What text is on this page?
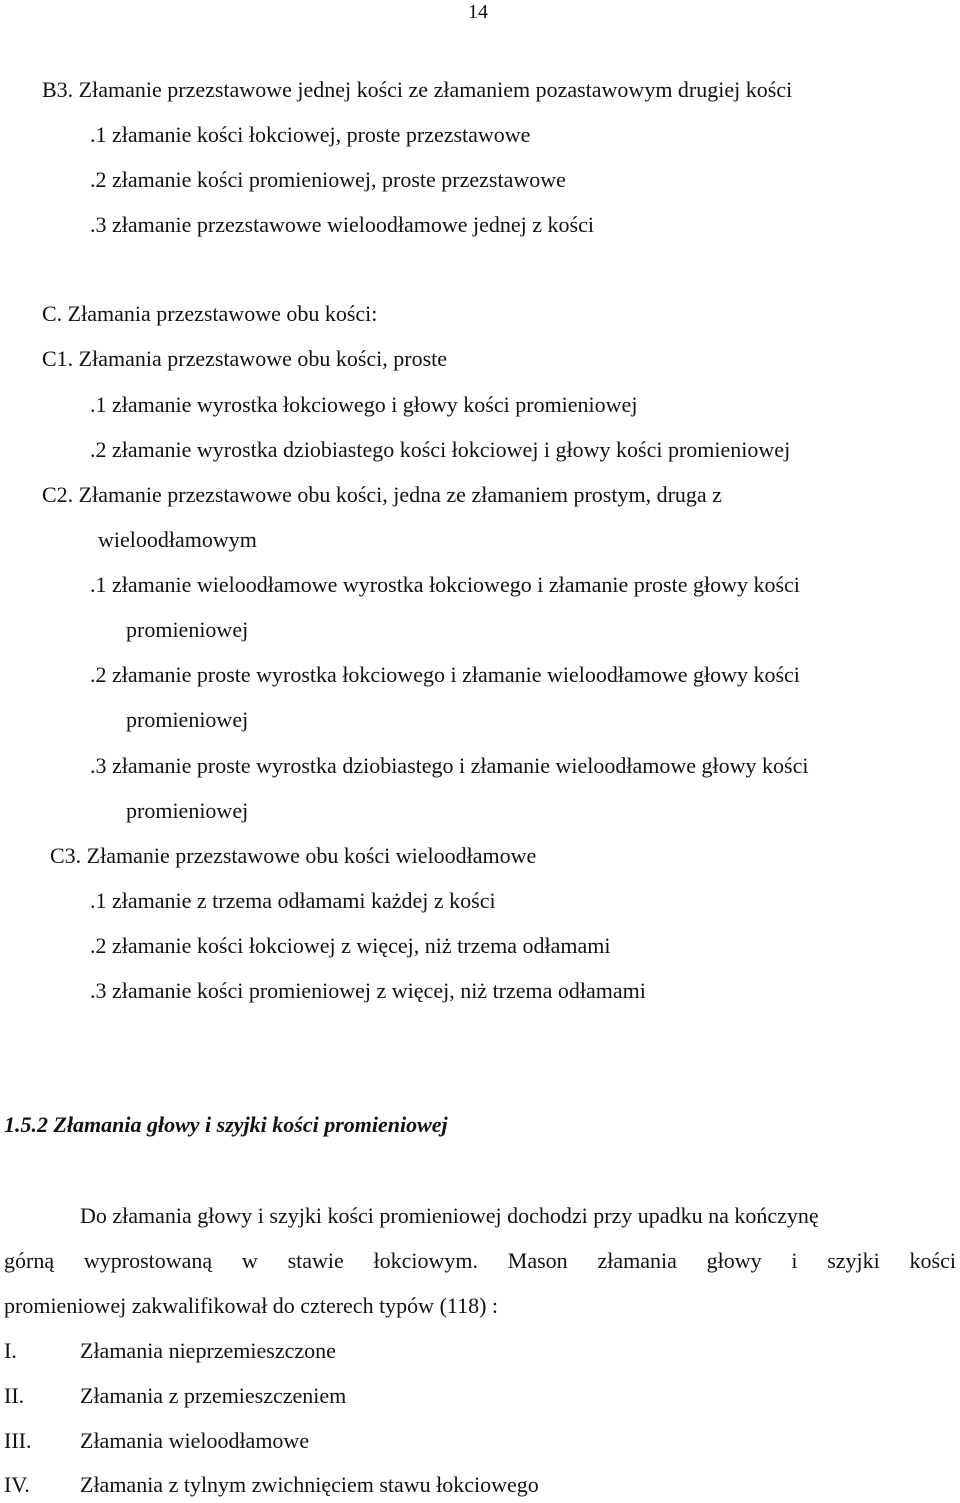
14
B3. Złamanie przezstawowe jednej kości ze złamaniem pozastawowym drugiej kości
.1 złamanie kości łokciowej, proste przezstawowe
.2 złamanie kości promieniowej, proste przezstawowe
.3 złamanie przezstawowe wieloodłamowe jednej z kości
C. Złamania przezstawowe obu kości:
C1. Złamania przezstawowe obu kości, proste
.1 złamanie wyrostka łokciowego i głowy kości promieniowej
.2 złamanie wyrostka dziobiastego kości łokciowej i głowy kości promieniowej
C2. Złamanie przezstawowe obu kości, jedna ze złamaniem prostym, druga z
wieloodłamowym
.1 złamanie wieloodłamowe wyrostka łokciowego i złamanie proste głowy kości
promieniowej
.2 złamanie proste wyrostka łokciowego i złamanie wieloodłamowe głowy kości
promieniowej
.3 złamanie proste wyrostka dziobiastego i złamanie wieloodłamowe głowy kości
promieniowej
C3. Złamanie przezstawowe obu kości wieloodłamowe
.1 złamanie z trzema odłamami każdej z kości
.2 złamanie kości łokciowej z więcej, niż trzema odłamami
.3 złamanie kości promieniowej z więcej, niż trzema odłamami
1.5.2 Złamania głowy i szyjki kości promieniowej
Do złamania głowy i szyjki kości promieniowej dochodzi przy upadku na kończynę
górną wyprostowaną w stawie łokciowym. Mason złamania głowy i szyjki kości
promieniowej zakwalifikował do czterech typów (118) :
I.	Złamania nieprzemieszczone
II.	Złamania z przemieszczeniem
III. Złamania wieloodłamowe
IV. Złamania z tylnym zwichnięciem stawu łokciowego
